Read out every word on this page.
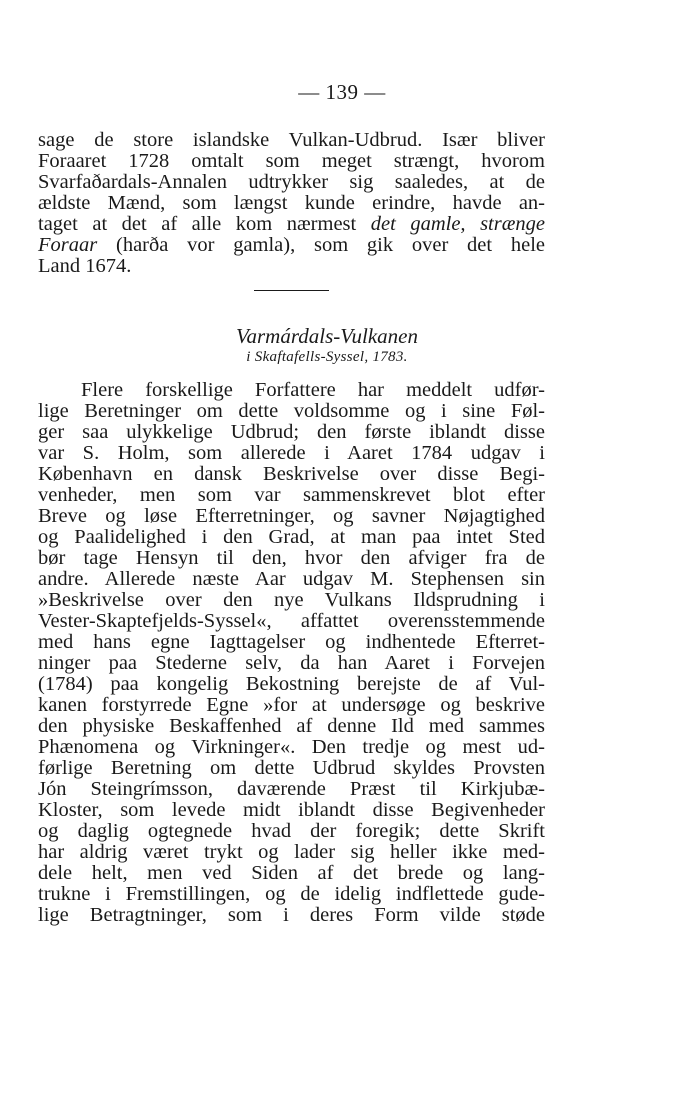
— 139 —
sage de store islandske Vulkan-Udbrud. Især bliver
Foraaret 1728 omtalt som meget strængt, hvorom
Svarfaðardals-Annalen udtrykker sig saaledes, at de
ældste Mænd, som længst kunde erindre, havde an-
taget at det af alle kom nærmest det gamle, strænge
Foraar (harða vor gamla), som gik over det hele
Land 1674.
Varmárdals-Vulkanen
i Skaftafells-Syssel, 1783.
Flere forskellige Forfattere har meddelt udfør-
lige Beretninger om dette voldsomme og i sine Føl-
ger saa ulykkelige Udbrud; den første iblandt disse
var S. Holm, som allerede i Aaret 1784 udgav i
København en dansk Beskrivelse over disse Begi-
venheder, men som var sammenskrevet blot efter
Breve og løse Efterretninger, og savner Nøjagtighed
og Paalidelighed i den Grad, at man paa intet Sted
bør tage Hensyn til den, hvor den afviger fra de
andre. Allerede næste Aar udgav M. Stephensen sin
»Beskrivelse over den nye Vulkans Ildsprudning i
Vester-Skaptefjelds-Syssel«, affattet overensstemmende
med hans egne Iagttagelser og indhentede Efterret-
ninger paa Stederne selv, da han Aaret i Forvejen
(1784) paa kongelig Bekostning berejste de af Vul-
kanen forstyrrede Egne »for at undersøge og beskrive
den physiske Beskaffenhed af denne Ild med sammes
Phænomena og Virkninger«. Den tredje og mest ud-
førlige Beretning om dette Udbrud skyldes Provsten
Jón Steingrímsson, daværende Præst til Kirkjubæ-
Kloster, som levede midt iblandt disse Begivenheder
og daglig ogtegnede hvad der foregik; dette Skrift
har aldrig været trykt og lader sig heller ikke med-
dele helt, men ved Siden af det brede og lang-
trukne i Fremstillingen, og de idelig indflettede gude-
lige Betragtninger, som i deres Form vilde støde
